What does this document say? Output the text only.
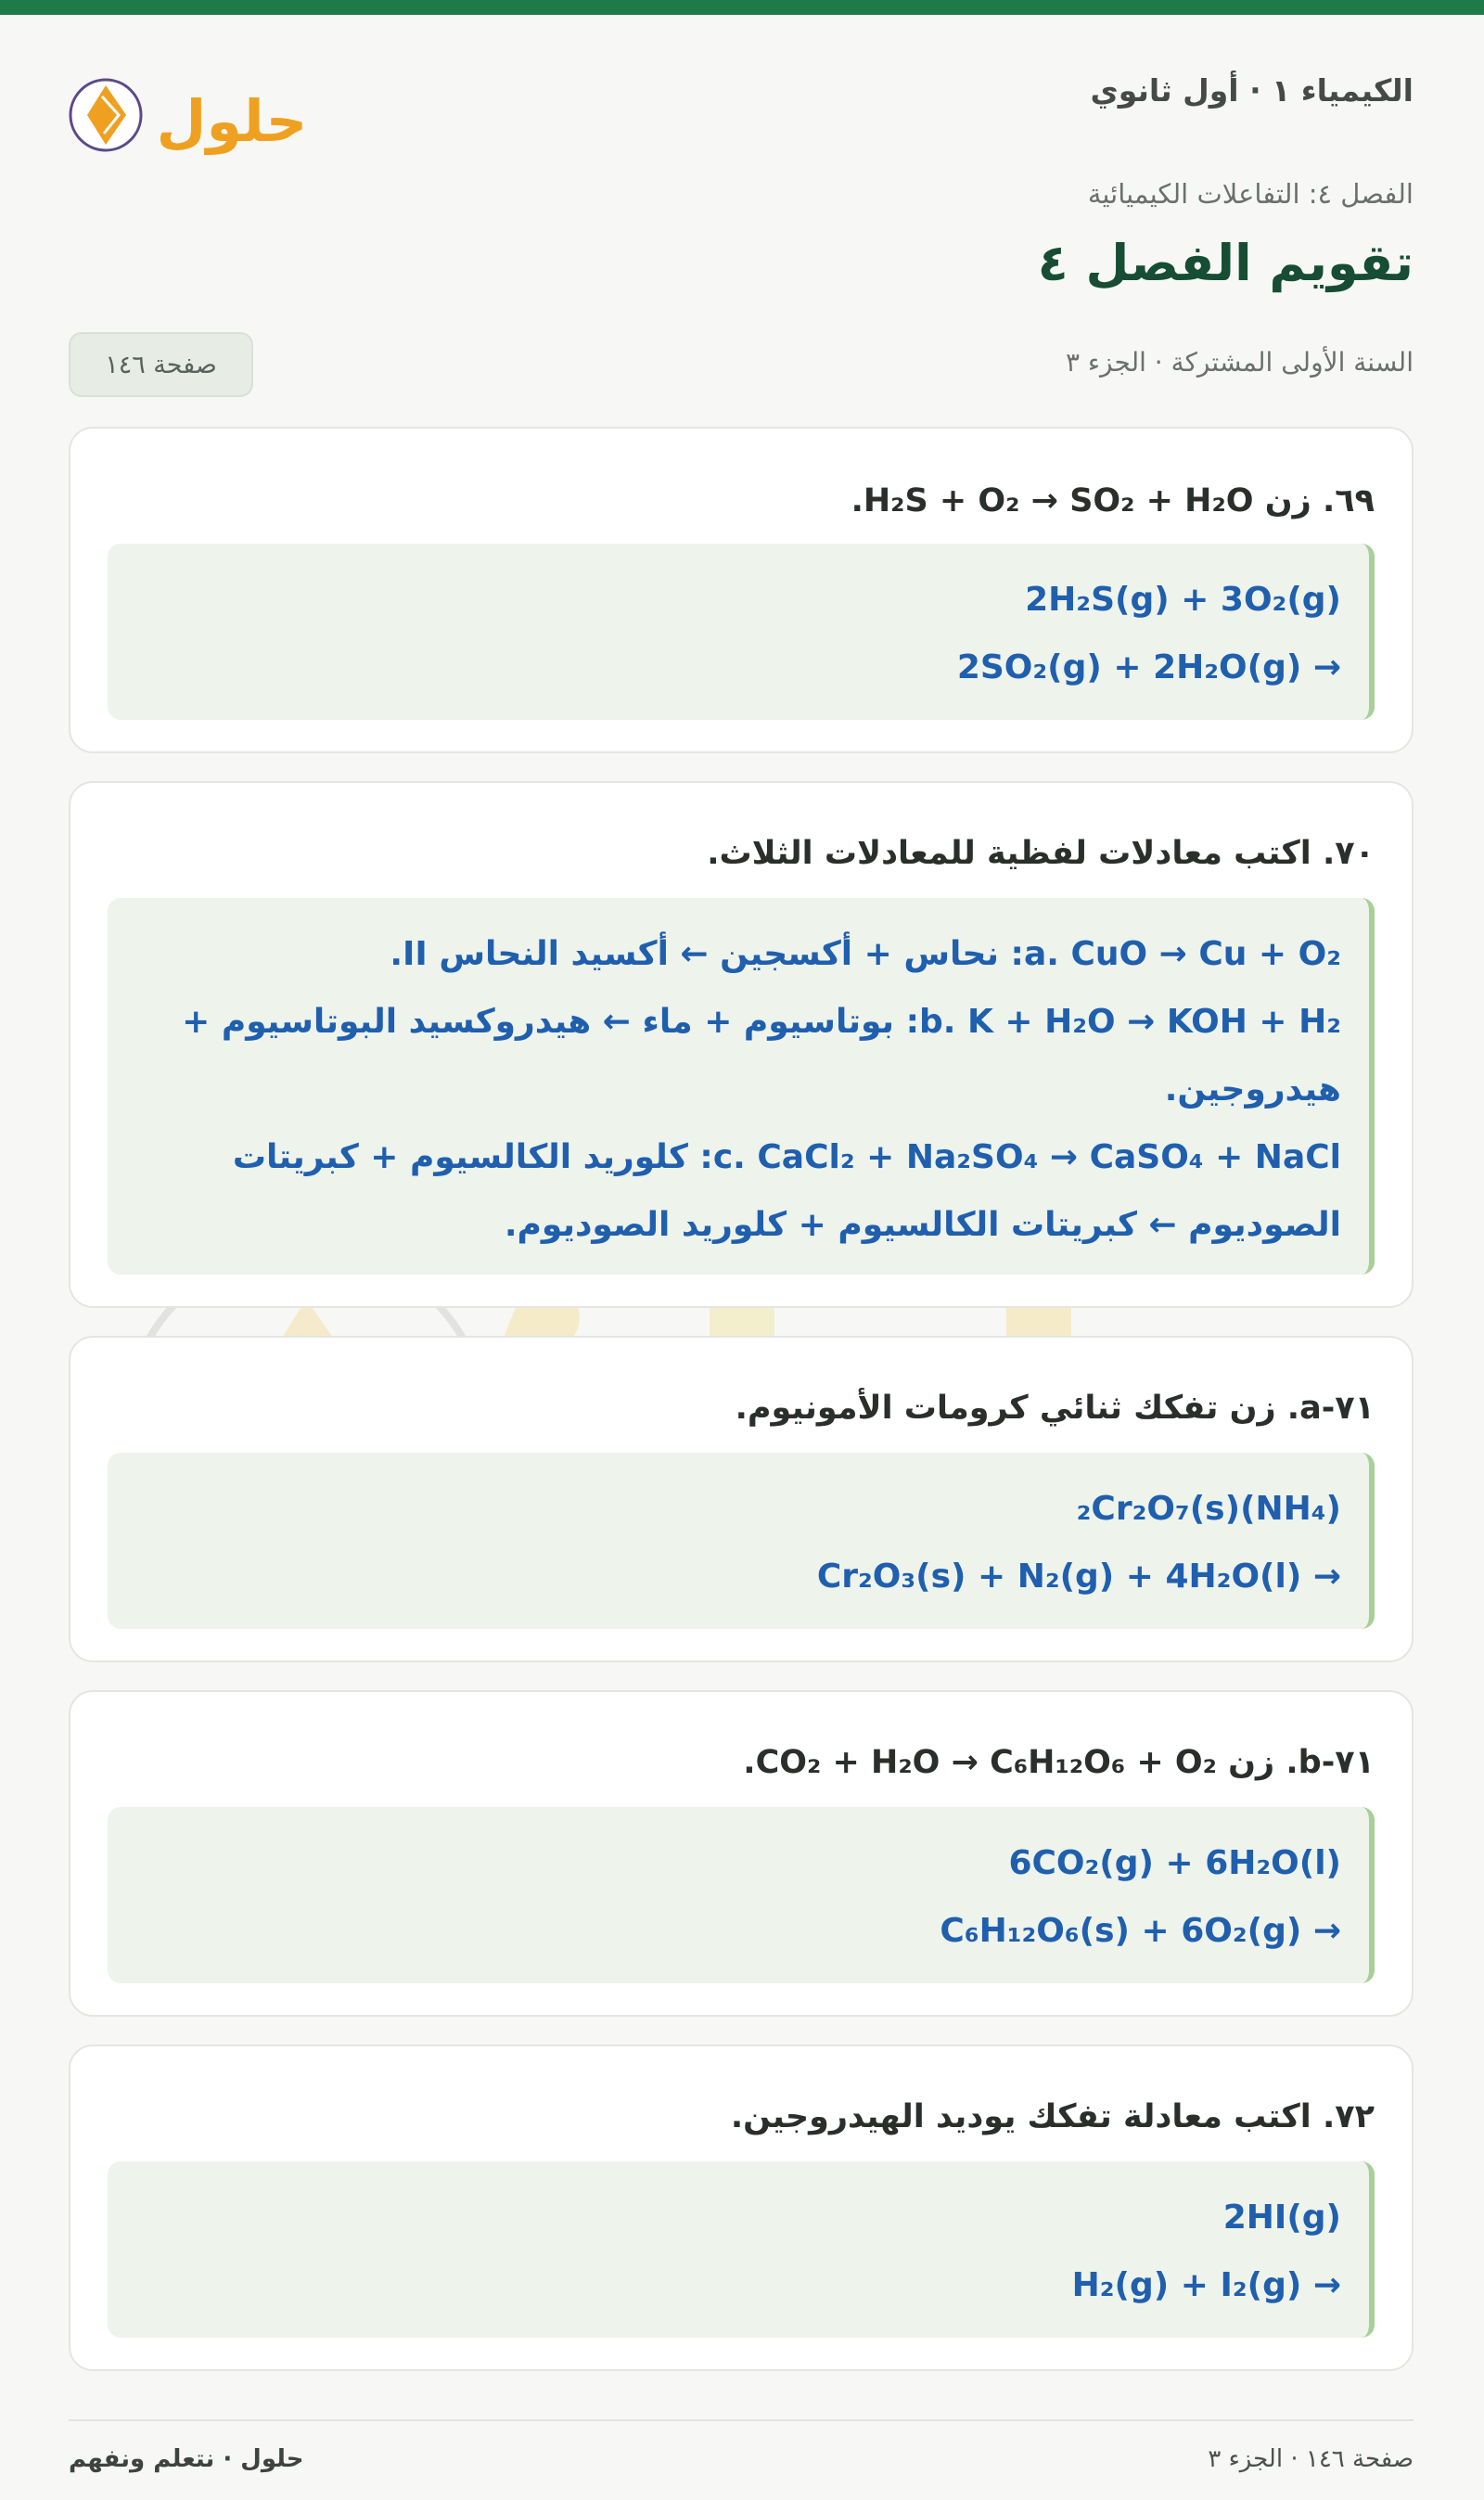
الكيمياء ١ · أول ثانوي
حلول
الفصل ٤: التفاعلات الكيميائية
تقويم الفصل ٤
السنة الأولى المشتركة · الجزء ٣
صفحة ١٤٦
٦٩. زن H₂S + O₂ → SO₂ + H₂O.
2H₂S(g) + 3O₂(g)
→ 2SO₂(g) + 2H₂O(g)
٧٠. اكتب معادلات لفظية للمعادلات الثلاث.
a. CuO → Cu + O₂: نحاس + أكسجين ← أكسيد النحاس II.
b. K + H₂O → KOH + H₂: بوتاسيوم + ماء ← هيدروكسيد البوتاسيوم + هيدروجين.
c. CaCl₂ + Na₂SO₄ → CaSO₄ + NaCl: كلوريد الكالسيوم + كبريتات الصوديوم ← كبريتات الكالسيوم + كلوريد الصوديوم.
٧١-a. زن تفكك ثنائي كرومات الأمونيوم.
(NH₄)₂Cr₂O₇(s)
→ Cr₂O₃(s) + N₂(g) + 4H₂O(l)
٧١-b. زن CO₂ + H₂O → C₆H₁₂O₆ + O₂.
6CO₂(g) + 6H₂O(l)
→ C₆H₁₂O₆(s) + 6O₂(g)
٧٢. اكتب معادلة تفكك يوديد الهيدروجين.
2HI(g)
→ H₂(g) + I₂(g)
صفحة ١٤٦ · الجزء ٣
حلول · نتعلم ونفهم
